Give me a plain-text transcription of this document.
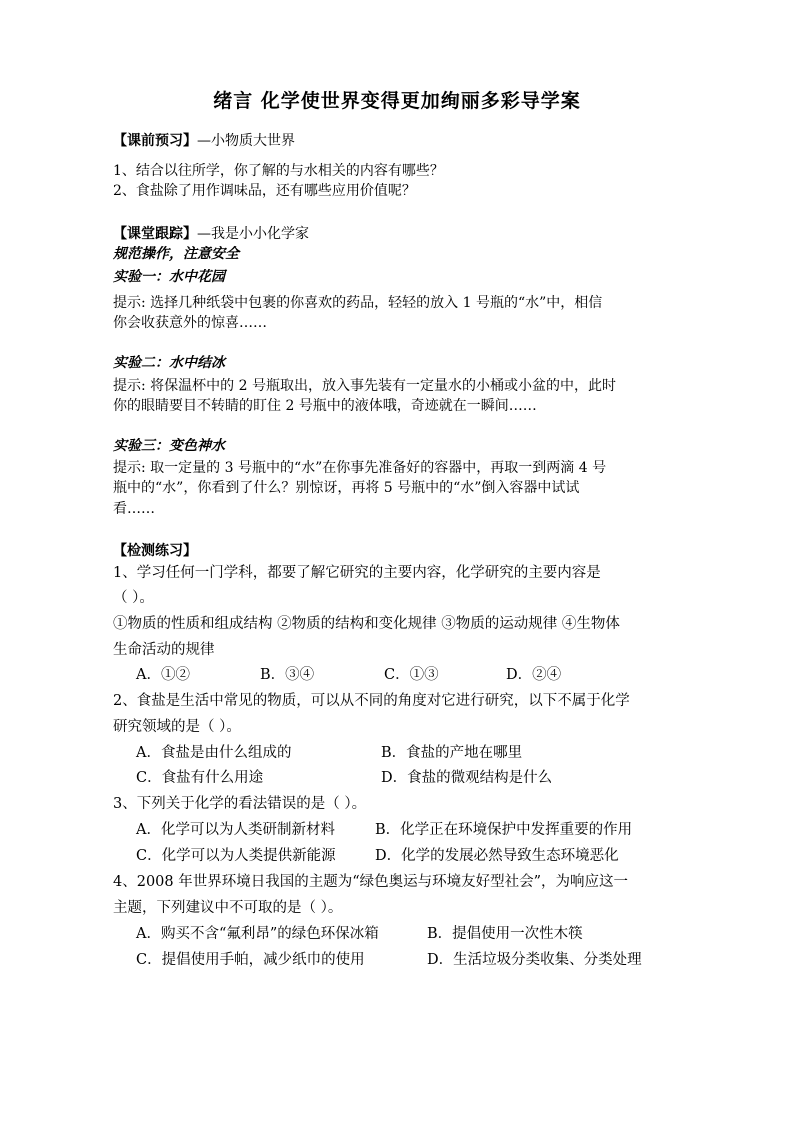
绪言 化学使世界变得更加绚丽多彩导学案
【课前预习】—小物质大世界
1、结合以往所学，你了解的与水相关的内容有哪些？
2、食盐除了用作调味品，还有哪些应用价值呢？
【课堂跟踪】—我是小小化学家
规范操作，注意安全
实验一：水中花园
提示: 选择几种纸袋中包裹的你喜欢的药品，轻轻的放入 1 号瓶的“水”中，相信
你会收获意外的惊喜……
实验二：水中结冰
提示: 将保温杯中的 2 号瓶取出，放入事先装有一定量水的小桶或小盆的中，此时
你的眼睛要目不转睛的盯住 2 号瓶中的液体哦，奇迹就在一瞬间……
实验三：变色神水
提示: 取一定量的 3 号瓶中的“水”在你事先准备好的容器中，再取一到两滴 4 号
瓶中的“水”，你看到了什么？别惊讶，再将 5 号瓶中的“水”倒入容器中试试
看……
【检测练习】
1、学习任何一门学科，都要了解它研究的主要内容，化学研究的主要内容是
（ ）。
①物质的性质和组成结构 ②物质的结构和变化规律 ③物质的运动规律 ④生物体
生命活动的规律
A．①②	B．③④	C．①③	D．②④
2、食盐是生活中常见的物质，可以从不同的角度对它进行研究，以下不属于化学
研究领域的是（ ）。
A．食盐是由什么组成的	B．食盐的产地在哪里
C．食盐有什么用途	D．食盐的微观结构是什么
3、下列关于化学的看法错误的是（ ）。
A．化学可以为人类研制新材料	B．化学正在环境保护中发挥重要的作用
C．化学可以为人类提供新能源	D．化学的发展必然导致生态环境恶化
4、2008 年世界环境日我国的主题为“绿色奥运与环境友好型社会”，为响应这一
主题，下列建议中不可取的是（ ）。
A．购买不含“氟利昂”的绿色环保冰箱	B．提倡使用一次性木筷
C．提倡使用手帕，减少纸巾的使用	D．生活垃圾分类收集、分类处理
